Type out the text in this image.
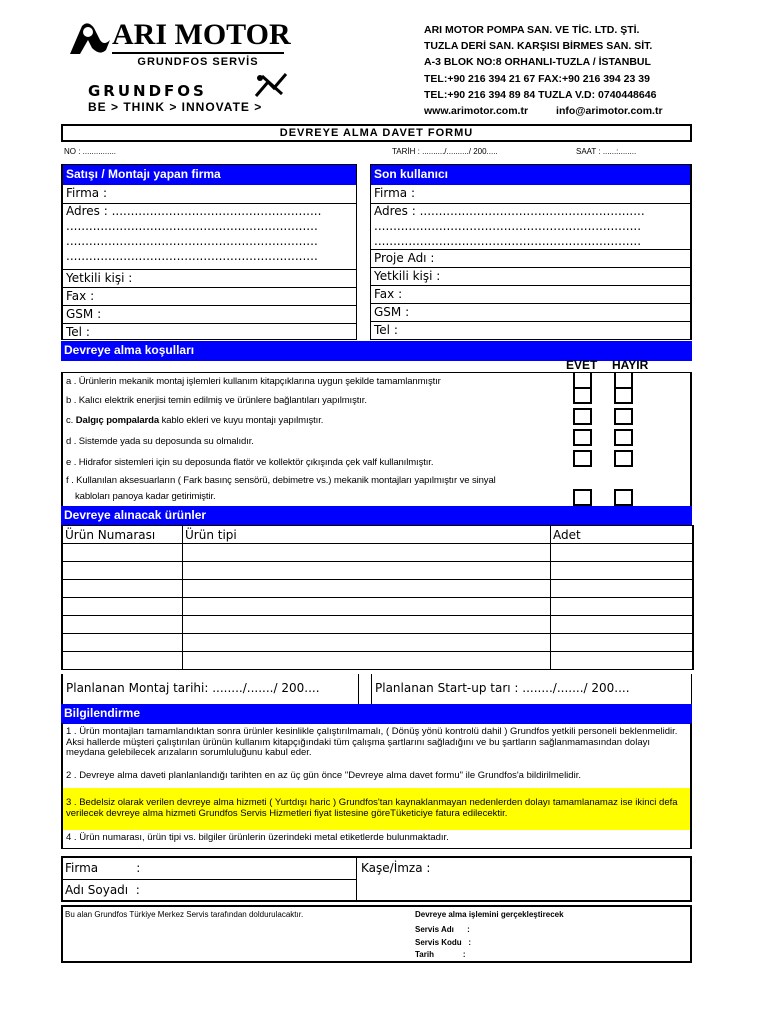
ARI MOTOR
GRUNDFOS SERVİS
GRUNDFOS
BE > THINK > INNOVATE >
ARI MOTOR POMPA SAN. VE TİC. LTD. ŞTİ.
TUZLA DERİ SAN. KARŞISI BİRMES SAN. SİT.
A-3 BLOK NO:8 ORHANLI-TUZLA / İSTANBUL
TEL:+90 216 394 21 67 FAX:+90 216 394 23 39
TEL:+90 216 394 89 84 TUZLA V.D: 0740448646
www.arimotor.com.tr	info@arimotor.com.tr
DEVREYE ALMA DAVET FORMU
NO : ...............	TARİH : ........../........../ 200.....	SAAT : ......:........
Satışı / Montajı yapan firma
Firma :
Adres : .......................................................
..................................................................
..................................................................
..................................................................
Yetkili kişi :
Fax :
GSM :
Tel :
Son kullanıcı
Firma :
Adres : ...........................................................
......................................................................
......................................................................
Proje Adı :
Yetkili kişi :
Fax :
GSM :
Tel :
Devreye alma koşulları
EVET HAYIR
a . Ürünlerin mekanik montaj işlemleri kullanım kitapçıklarına uygun şekilde tamamlanmıştır
b . Kalıcı elektrik enerjisi temin edilmiş ve ürünlere bağlantıları yapılmıştır.
c. Dalgıç pompalarda kablo ekleri ve kuyu montajı yapılmıştır.
d . Sistemde yada su deposunda su olmalıdır.
e . Hidrafor sistemleri için su deposunda flatör ve kollektör çıkışında çek valf kullanılmıştır.
f . Kullanılan aksesuarların ( Fark basınç sensörü, debimetre vs.) mekanik montajları yapılmıştır ve sinyal
kabloları panoya kadar getirimiştir.
Devreye alınacak ürünler
Ürün Numarası	Ürün tipi	Adet

Planlanan Montaj tarihi: ......../......./ 200....	Planlanan Start-up tarı : ......../......./ 200....
Bilgilendirme
1 . Ürün montajları tamamlandıktan sonra ürünler kesinlikle çalıştırılmamalı, ( Dönüş yönü kontrolü dahil ) Grundfos yetkili personeli beklenmelidir. Aksi hallerde müşteri çalıştırılan ürünün kullanım kitapçığındaki tüm çalışma şartlarını sağladığını ve bu şartların sağlanmamasından dolayı meydana gelebilecek arızaların sorumluluğunu kabul eder.
2 . Devreye alma daveti planlanlandığı tarihten en az üç gün önce "Devreye alma davet formu" ile Grundfos'a bildirilmelidir.
3 . Bedelsiz olarak verilen devreye alma hizmeti ( Yurtdışı haric ) Grundfos'tan kaynaklanmayan nedenlerden dolayı tamamlanamaz ise ikinci defa verilecek devreye alma hizmeti Grundfos Servis Hizmetleri fiyat listesine göreTüketiciye fatura edilecektir.
4 . Ürün numarası, ürün tipi vs. bilgiler ürünlerin üzerindeki metal etiketlerde bulunmaktadır.
Firma          :
Adı Soyadı  :
Kaşe/İmza :
Bu alan Grundfos Türkiye Merkez Servis tarafından doldurulacaktır.	Devreye alma işlemini gerçekleştirecek
Servis Adı      :
Servis Kodu   :
Tarih             :
